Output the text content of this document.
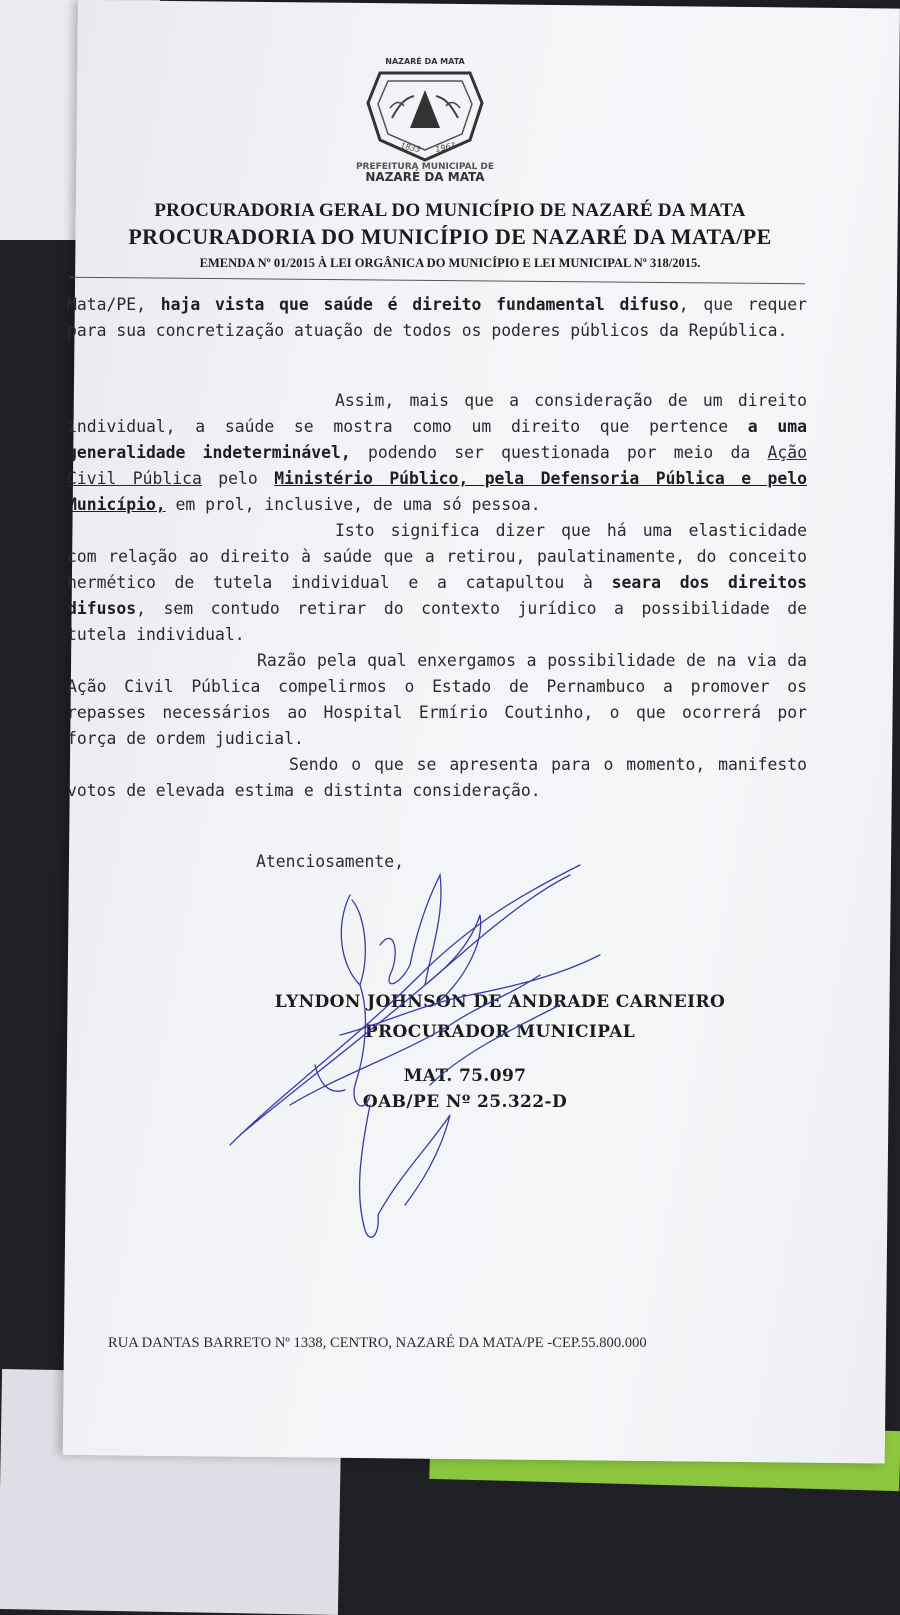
NAZARÉ DA MATA
1833 1963
PREFEITURA MUNICIPAL DE
NAZARÉ DA MATA
PROCURADORIA GERAL DO MUNICÍPIO DE NAZARÉ DA MATA
PROCURADORIA DO MUNICÍPIO DE NAZARÉ DA MATA/PE
EMENDA Nº 01/2015 À LEI ORGÂNICA DO MUNICÍPIO E LEI MUNICIPAL Nº 318/2015.

Mata/PE, haja vista que saúde é direito fundamental difuso, que requer para sua concretização atuação de todos os poderes públicos da República.

Assim, mais que a consideração de um direito individual, a saúde se mostra como um direito que pertence a uma generalidade indeterminável, podendo ser questionada por meio da Ação Civil Pública pelo Ministério Público, pela Defensoria Pública e pelo Município, em prol, inclusive, de uma só pessoa.

Isto significa dizer que há uma elasticidade com relação ao direito à saúde que a retirou, paulatinamente, do conceito hermético de tutela individual e a catapultou à seara dos direitos difusos, sem contudo retirar do contexto jurídico a possibilidade de tutela individual.

Razão pela qual enxergamos a possibilidade de na via da Ação Civil Pública compelirmos o Estado de Pernambuco a promover os repasses necessários ao Hospital Ermírio Coutinho, o que ocorrerá por força de ordem judicial.

Sendo o que se apresenta para o momento, manifesto votos de elevada estima e distinta consideração.

Atenciosamente,
LYNDON JOHNSON DE ANDRADE CARNEIRO
PROCURADOR MUNICIPAL
MAT. 75.097
OAB/PE Nº 25.322-D
RUA DANTAS BARRETO Nº 1338, CENTRO, NAZARÉ DA MATA/PE -CEP.55.800.000
